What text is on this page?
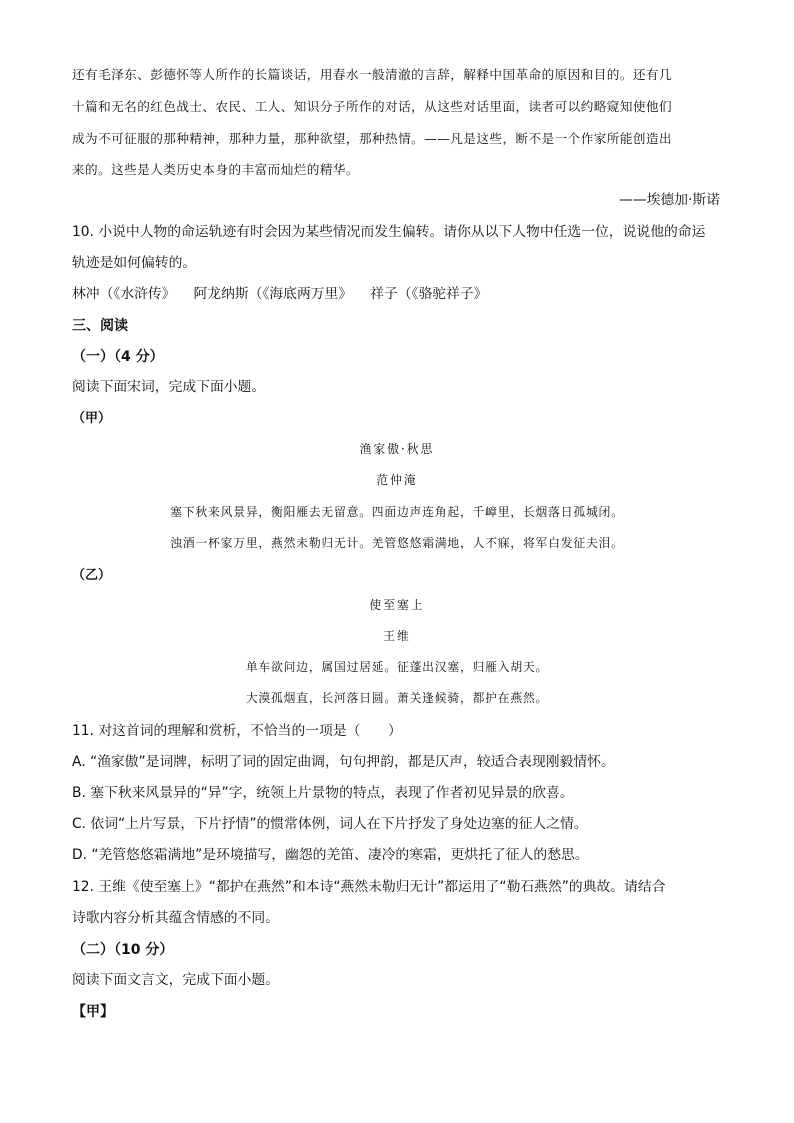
还有毛泽东、彭德怀等人所作的长篇谈话，用春水一般清澈的言辞，解释中国革命的原因和目的。还有几
十篇和无名的红色战士、农民、工人、知识分子所作的对话，从这些对话里面，读者可以约略窥知使他们
成为不可征服的那种精神，那种力量，那种欲望，那种热情。——凡是这些，断不是一个作家所能创造出
来的。这些是人类历史本身的丰富而灿烂的精华。
——埃德加·斯诺
10. 小说中人物的命运轨迹有时会因为某些情况而发生偏转。请你从以下人物中任选一位，说说他的命运
轨迹是如何偏转的。
林冲（《水浒传》 阿龙纳斯（《海底两万里》 祥子（《骆驼祥子》
三、阅读
（一）（4 分）
阅读下面宋词，完成下面小题。
（甲）
渔家傲·秋思
范仲淹
塞下秋来风景异，衡阳雁去无留意。四面边声连角起，千嶂里，长烟落日孤城闭。
浊酒一杯家万里，燕然未勒归无计。羌管悠悠霜满地，人不寐，将军白发征夫泪。
（乙）
使至塞上
王维
单车欲问边，属国过居延。征蓬出汉塞，归雁入胡天。
大漠孤烟直，长河落日圆。萧关逢候骑，都护在燕然。
11. 对这首词的理解和赏析，不恰当的一项是（　　）
A. “渔家傲”是词牌，标明了词的固定曲调，句句押韵，都是仄声，较适合表现刚毅情怀。
B. 塞下秋来风景异的“异”字，统领上片景物的特点，表现了作者初见异景的欣喜。
C. 依词“上片写景，下片抒情”的惯常体例，词人在下片抒发了身处边塞的征人之情。
D. “羌管悠悠霜满地”是环境描写，幽怨的羌笛、凄冷的寒霜，更烘托了征人的愁思。
12. 王维《使至塞上》“都护在燕然”和本诗“燕然未勒归无计”都运用了“勒石燕然”的典故。请结合
诗歌内容分析其蕴含情感的不同。
（二）（10 分）
阅读下面文言文，完成下面小题。
【甲】
